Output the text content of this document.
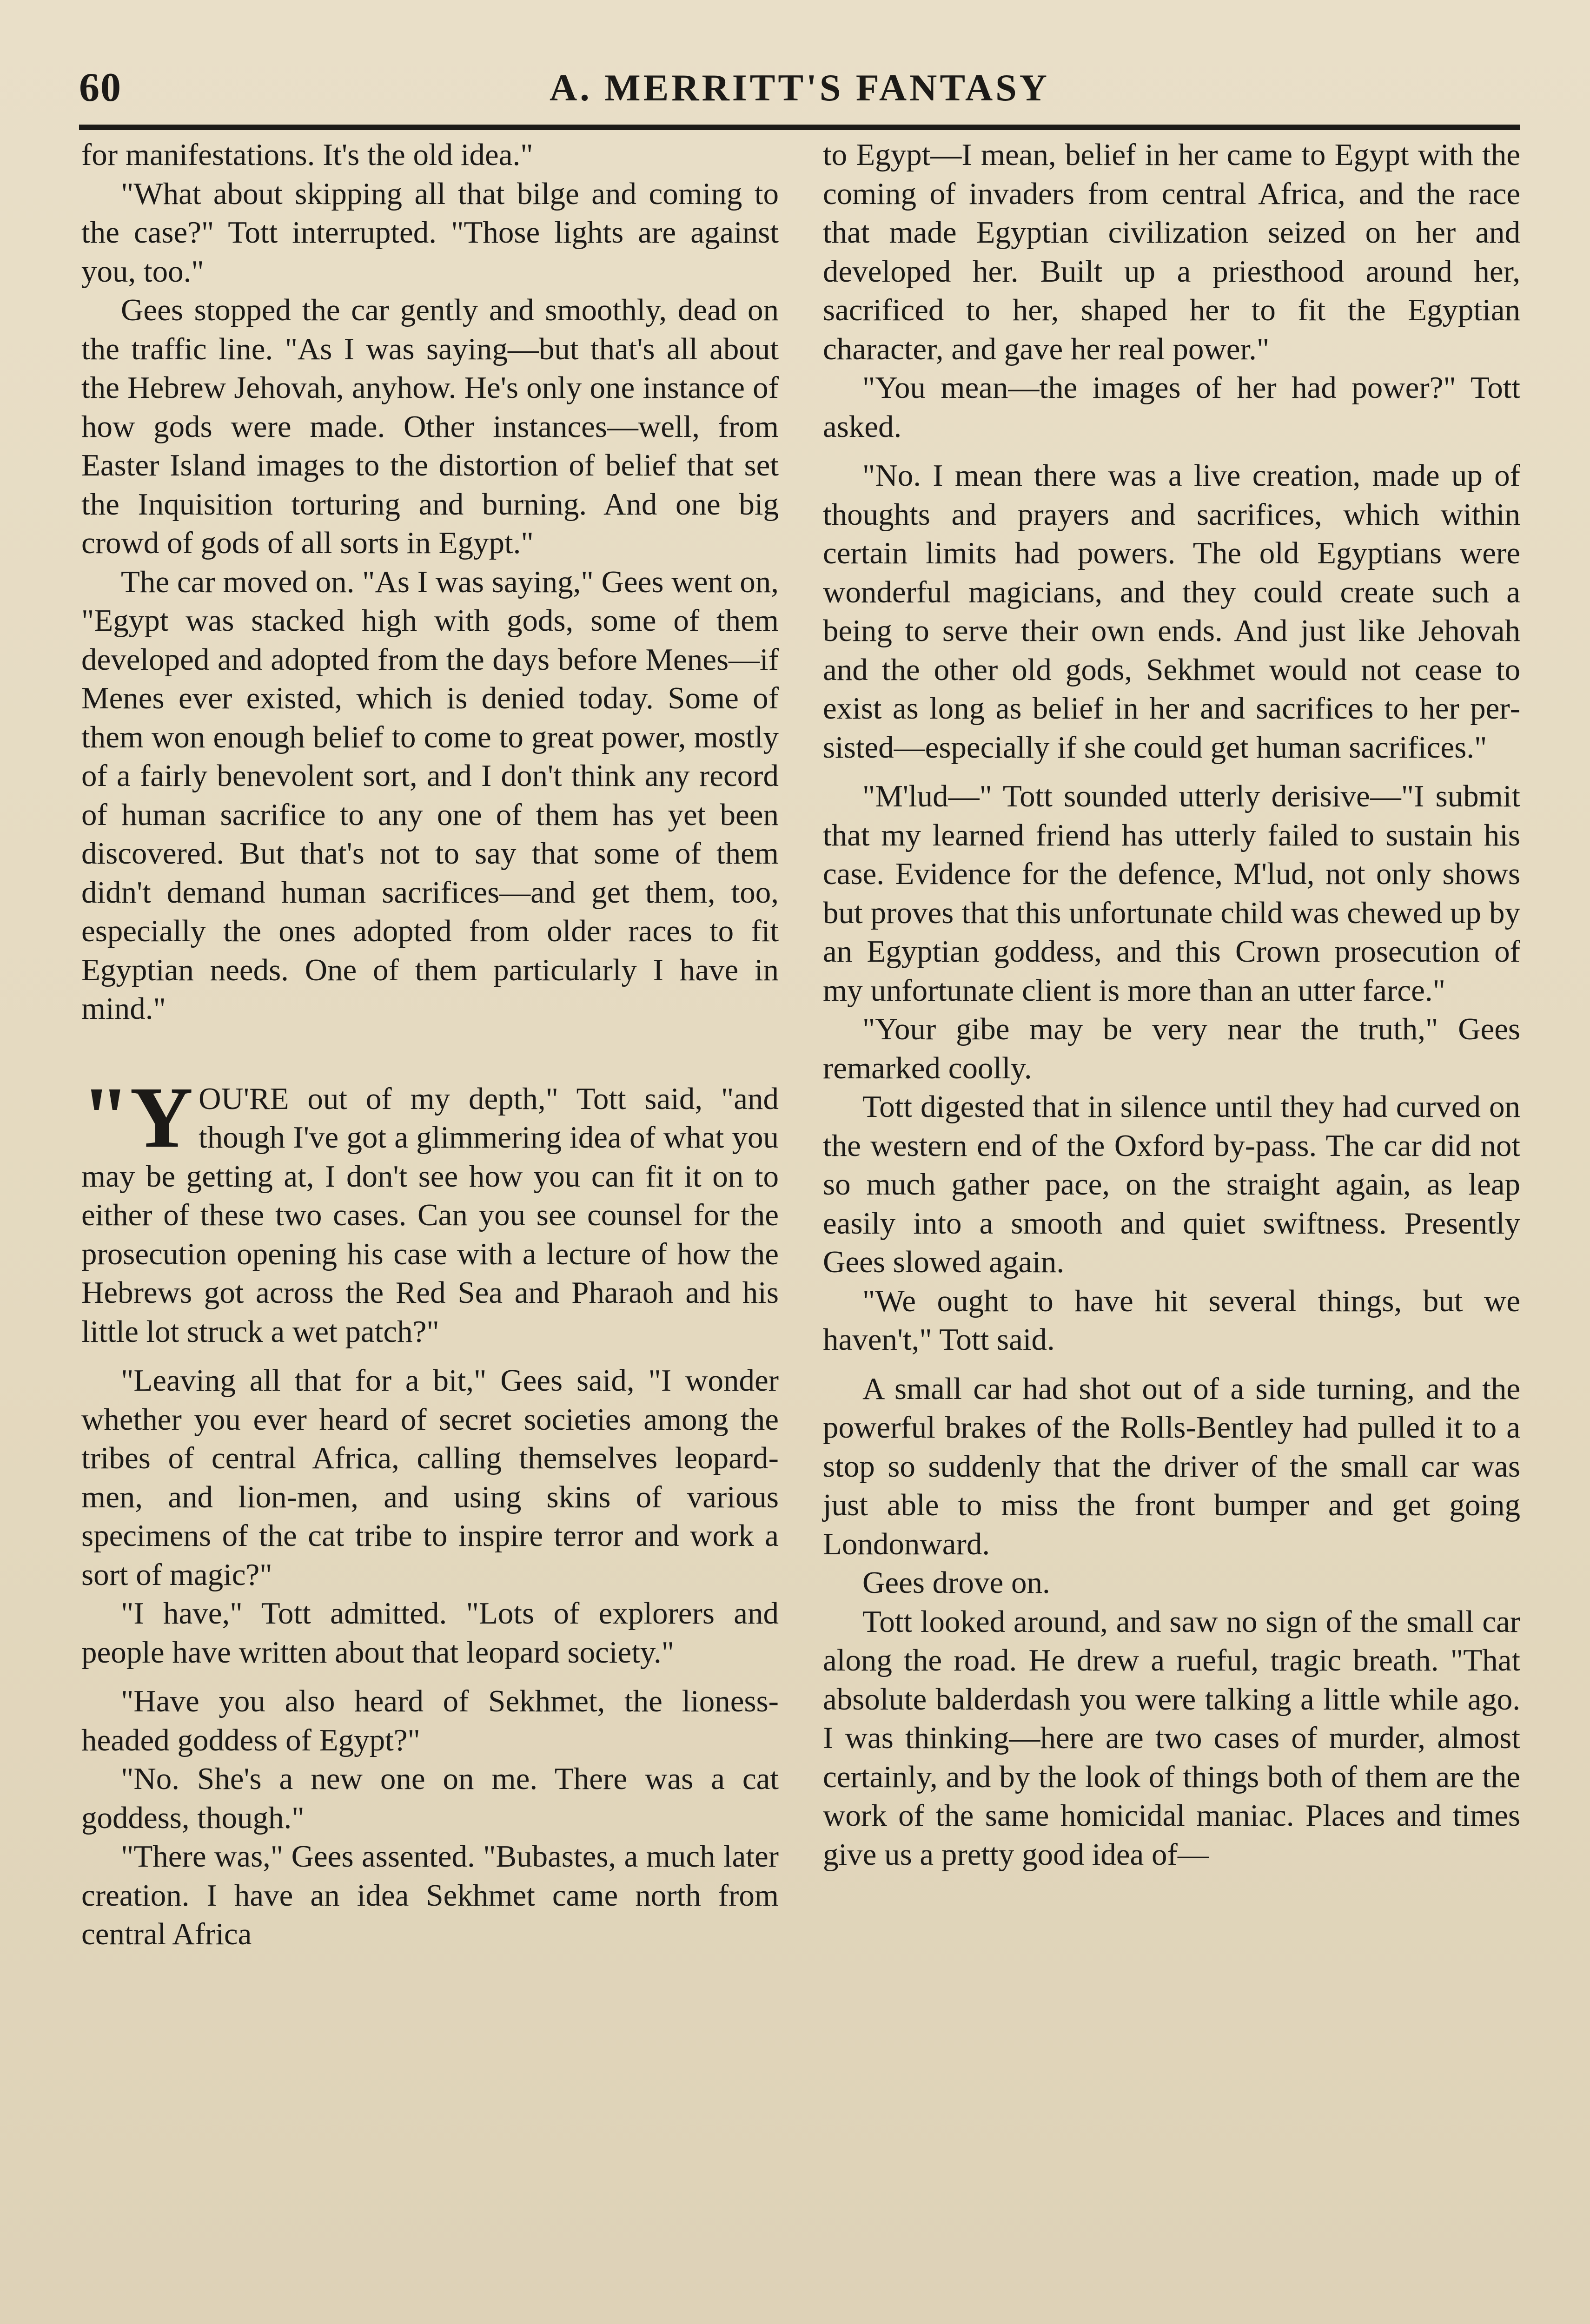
60	A. MERRITT'S FANTASY

for manifestations. It's the old idea."

"What about skipping all that bilge and coming to the case?" Tott interrupted. "Those lights are against you, too."

Gees stopped the car gently and smoothly, dead on the traffic line. "As I was saying—but that's all about the Hebrew Jehovah, anyhow. He's only one instance of how gods were made. Other instances—well, from Easter Island images to the distortion of belief that set the Inquisition torturing and burning. And one big crowd of gods of all sorts in Egypt."

The car moved on. "As I was saying," Gees went on, "Egypt was stacked high with gods, some of them developed and adopted from the days before Menes—if Menes ever existed, which is denied today. Some of them won enough belief to come to great power, mostly of a fairly benevolent sort, and I don't think any record of human sacrifice to any one of them has yet been discovered. But that's not to say that some of them didn't demand human sacrifices—and get them, too, especially the ones adopted from older races to fit Egyptian needs. One of them particularly I have in mind."

"YOU'RE out of my depth," Tott said, "and though I've got a glimmering idea of what you may be getting at, I don't see how you can fit it on to either of these two cases. Can you see counsel for the prosecution opening his case with a lecture of how the Hebrews got across the Red Sea and Pharaoh and his little lot struck a wet patch?"

"Leaving all that for a bit," Gees said, "I wonder whether you ever heard of secret societies among the tribes of central Africa, calling themselves leopard-men, and lion-men, and using skins of various specimens of the cat tribe to inspire terror and work a sort of magic?"

"I have," Tott admitted. "Lots of explorers and people have written about that leopard society."

"Have you also heard of Sekhmet, the lioness-headed goddess of Egypt?"

"No. She's a new one on me. There was a cat goddess, though."

"There was," Gees assented. "Bubastes, a much later creation. I have an idea Sekhmet came north from central Africa

to Egypt—I mean, belief in her came to Egypt with the coming of invaders from central Africa, and the race that made Egyptian civilization seized on her and developed her. Built up a priesthood around her, sacrificed to her, shaped her to fit the Egyptian character, and gave her real power."

"You mean—the images of her had power?" Tott asked.

"No. I mean there was a live creation, made up of thoughts and prayers and sacrifices, which within certain limits had powers. The old Egyptians were wonderful magicians, and they could create such a being to serve their own ends. And just like Jehovah and the other old gods, Sekhmet would not cease to exist as long as belief in her and sacrifices to her persisted—especially if she could get human sacrifices."

"M'lud—" Tott sounded utterly derisive—"I submit that my learned friend has utterly failed to sustain his case. Evidence for the defence, M'lud, not only shows but proves that this unfortunate child was chewed up by an Egyptian goddess, and this Crown prosecution of my unfortunate client is more than an utter farce."

"Your gibe may be very near the truth," Gees remarked coolly.

Tott digested that in silence until they had curved on the western end of the Oxford by-pass. The car did not so much gather pace, on the straight again, as leap easily into a smooth and quiet swiftness. Presently Gees slowed again.

"We ought to have hit several things, but we haven't," Tott said.

A small car had shot out of a side turning, and the powerful brakes of the Rolls-Bentley had pulled it to a stop so suddenly that the driver of the small car was just able to miss the front bumper and get going Londonward.

Gees drove on.

Tott looked around, and saw no sign of the small car along the road. He drew a rueful, tragic breath. "That absolute balderdash you were talking a little while ago. I was thinking—here are two cases of murder, almost certainly, and by the look of things both of them are the work of the same homicidal maniac. Places and times give us a pretty good idea of—
